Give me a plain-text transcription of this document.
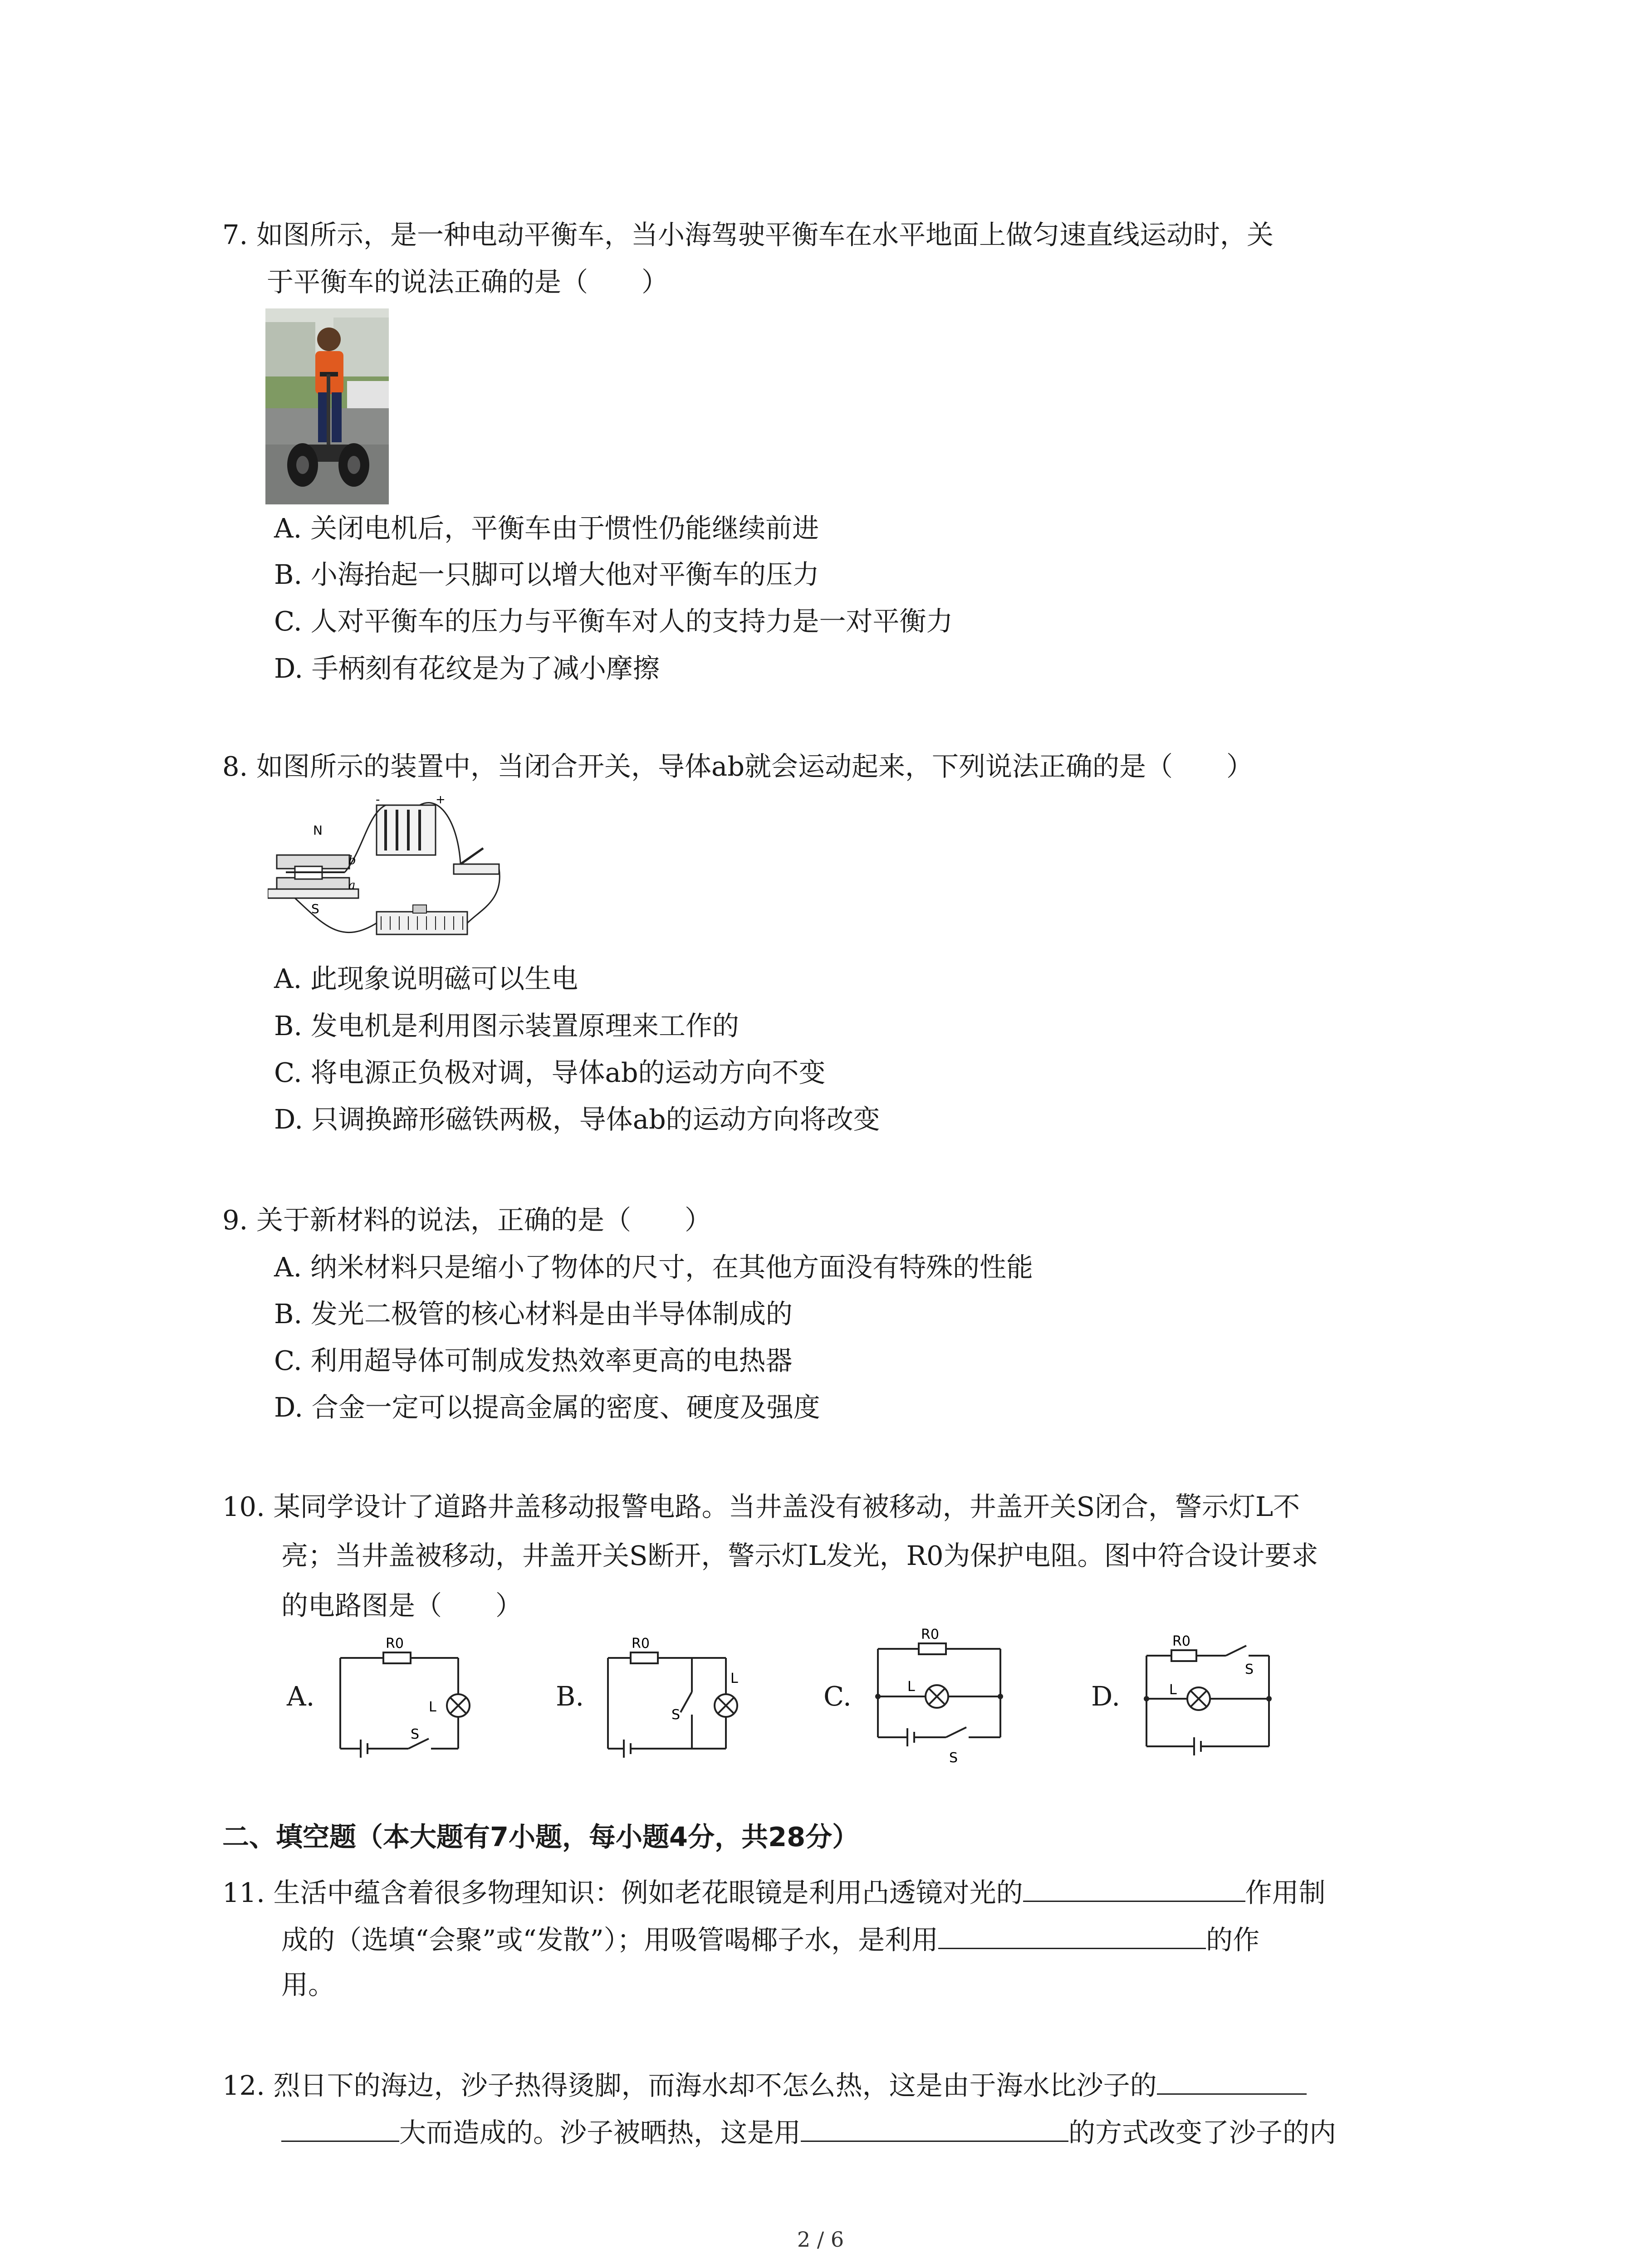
7. 如图所示，是一种电动平衡车，当小海驾驶平衡车在水平地面上做匀速直线运动时，关
于平衡车的说法正确的是（　　）
A. 关闭电机后，平衡车由于惯性仍能继续前进
B. 小海抬起一只脚可以增大他对平衡车的压力
C. 人对平衡车的压力与平衡车对人的支持力是一对平衡力
D. 手柄刻有花纹是为了减小摩擦
8. 如图所示的装置中，当闭合开关，导体ab就会运动起来，下列说法正确的是（　　）
N
S
b
a
-	+
A. 此现象说明磁可以生电
B. 发电机是利用图示装置原理来工作的
C. 将电源正负极对调，导体ab的运动方向不变
D. 只调换蹄形磁铁两极，导体ab的运动方向将改变
9. 关于新材料的说法，正确的是（　　）
A. 纳米材料只是缩小了物体的尺寸，在其他方面没有特殊的性能
B. 发光二极管的核心材料是由半导体制成的
C. 利用超导体可制成发热效率更高的电热器
D. 合金一定可以提高金属的密度、硬度及强度
10. 某同学设计了道路井盖移动报警电路。当井盖没有被移动，井盖开关S闭合，警示灯L不
亮；当井盖被移动，井盖开关S断开，警示灯L发光，R0为保护电阻。图中符合设计要求
的电路图是（　　）
A.
R0
L
S
B.
R0
L
S
C.
R0
L
S
D.
R0
L
S
二、填空题（本大题有7小题，每小题4分，共28分）
11. 生活中蕴含着很多物理知识：例如老花眼镜是利用凸透镜对光的	作用制
成的（选填“会聚”或“发散”）；用吸管喝椰子水，是利用	的作
用。
12. 烈日下的海边，沙子热得烫脚，而海水却不怎么热，这是由于海水比沙子的
大而造成的。沙子被晒热，这是用	的方式改变了沙子的内
2 / 6
